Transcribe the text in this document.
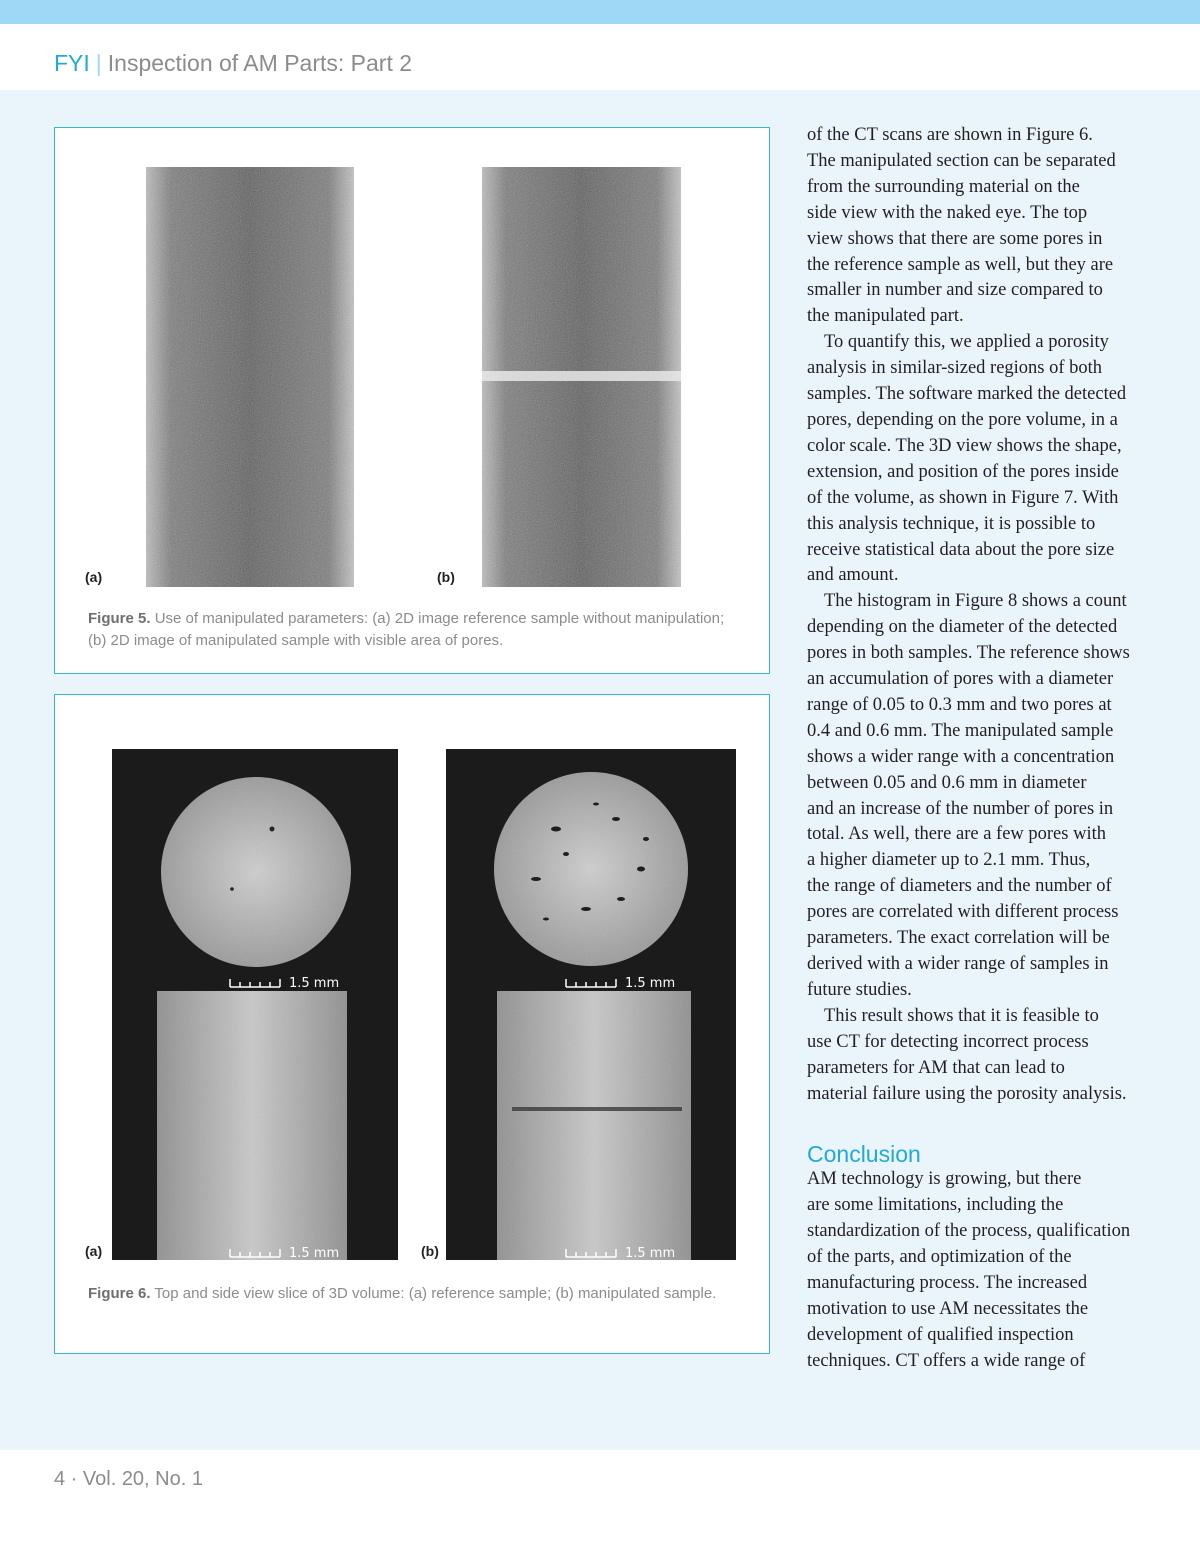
FYI | Inspection of AM Parts: Part 2
(a)	(b)
Figure 5. Use of manipulated parameters: (a) 2D image reference sample without manipulation; (b) 2D image of manipulated sample with visible area of pores.
1.5 mm
1.5 mm
(a)
1.5 mm
1.5 mm
(b)
Figure 6. Top and side view slice of 3D volume: (a) reference sample; (b) manipulated sample.

of the CT scans are shown in Figure 6.
The manipulated section can be separated
from the surrounding material on the
side view with the naked eye. The top
view shows that there are some pores in
the reference sample as well, but they are
smaller in number and size compared to
the manipulated part.

To quantify this, we applied a porosity
analysis in similar-sized regions of both
samples. The software marked the detected
pores, depending on the pore volume, in a
color scale. The 3D view shows the shape,
extension, and position of the pores inside
of the volume, as shown in Figure 7. With
this analysis technique, it is possible to
receive statistical data about the pore size
and amount.

The histogram in Figure 8 shows a count
depending on the diameter of the detected
pores in both samples. The reference shows
an accumulation of pores with a diameter
range of 0.05 to 0.3 mm and two pores at
0.4 and 0.6 mm. The manipulated sample
shows a wider range with a concentration
between 0.05 and 0.6 mm in diameter
and an increase of the number of pores in
total. As well, there are a few pores with
a higher diameter up to 2.1 mm. Thus,
the range of diameters and the number of
pores are correlated with different process
parameters. The exact correlation will be
derived with a wider range of samples in
future studies.

This result shows that it is feasible to
use CT for detecting incorrect process
parameters for AM that can lead to
material failure using the porosity analysis.

Conclusion

AM technology is growing, but there
are some limitations, including the
standardization of the process, qualification
of the parts, and optimization of the
manufacturing process. The increased
motivation to use AM necessitates the
development of qualified inspection
techniques. CT offers a wide range of

4 · Vol. 20, No. 1
